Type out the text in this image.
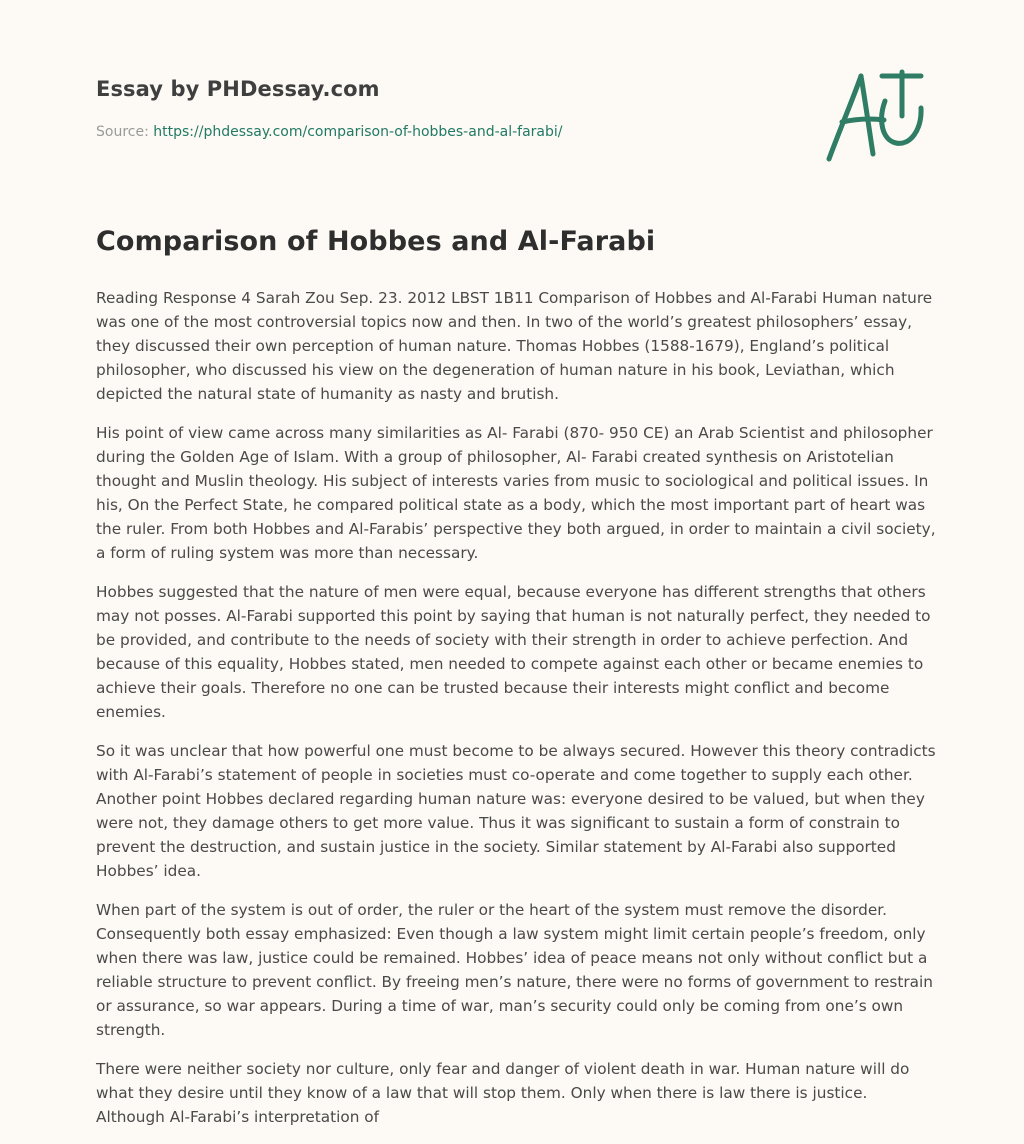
Essay by PHDessay.com
Source: https://phdessay.com/comparison-of-hobbes-and-al-farabi/
Comparison of Hobbes and Al-Farabi

Reading Response 4 Sarah Zou Sep. 23. 2012 LBST 1B11 Comparison of Hobbes and Al-Farabi Human nature was one of the most controversial topics now and then. In two of the world’s greatest philosophers’ essay, they discussed their own perception of human nature. Thomas Hobbes (1588-1679), England’s political philosopher, who discussed his view on the degeneration of human nature in his book, Leviathan, which depicted the natural state of humanity as nasty and brutish.

His point of view came across many similarities as Al- Farabi (870- 950 CE) an Arab Scientist and philosopher during the Golden Age of Islam. With a group of philosopher, Al- Farabi created synthesis on Aristotelian thought and Muslin theology. His subject of interests varies from music to sociological and political issues. In his, On the Perfect State, he compared political state as a body, which the most important part of heart was the ruler. From both Hobbes and Al-Farabis’ perspective they both argued, in order to maintain a civil society, a form of ruling system was more than necessary.

Hobbes suggested that the nature of men were equal, because everyone has different strengths that others may not posses. Al-Farabi supported this point by saying that human is not naturally perfect, they needed to be provided, and contribute to the needs of society with their strength in order to achieve perfection. And because of this equality, Hobbes stated, men needed to compete against each other or became enemies to achieve their goals. Therefore no one can be trusted because their interests might conflict and become enemies.

So it was unclear that how powerful one must become to be always secured. However this theory contradicts with Al-Farabi’s statement of people in societies must co-operate and come together to supply each other. Another point Hobbes declared regarding human nature was: everyone desired to be valued, but when they were not, they damage others to get more value. Thus it was significant to sustain a form of constrain to prevent the destruction, and sustain justice in the society. Similar statement by Al-Farabi also supported Hobbes’ idea.

When part of the system is out of order, the ruler or the heart of the system must remove the disorder. Consequently both essay emphasized: Even though a law system might limit certain people’s freedom, only when there was law, justice could be remained. Hobbes’ idea of peace means not only without conflict but a reliable structure to prevent conflict. By freeing men’s nature, there were no forms of government to restrain or assurance, so war appears. During a time of war, man’s security could only be coming from one’s own strength.

There were neither society nor culture, only fear and danger of violent death in war. Human nature will do what they desire until they know of a law that will stop them. Only when there is law there is justice. Although Al-Farabi’s interpretation of
